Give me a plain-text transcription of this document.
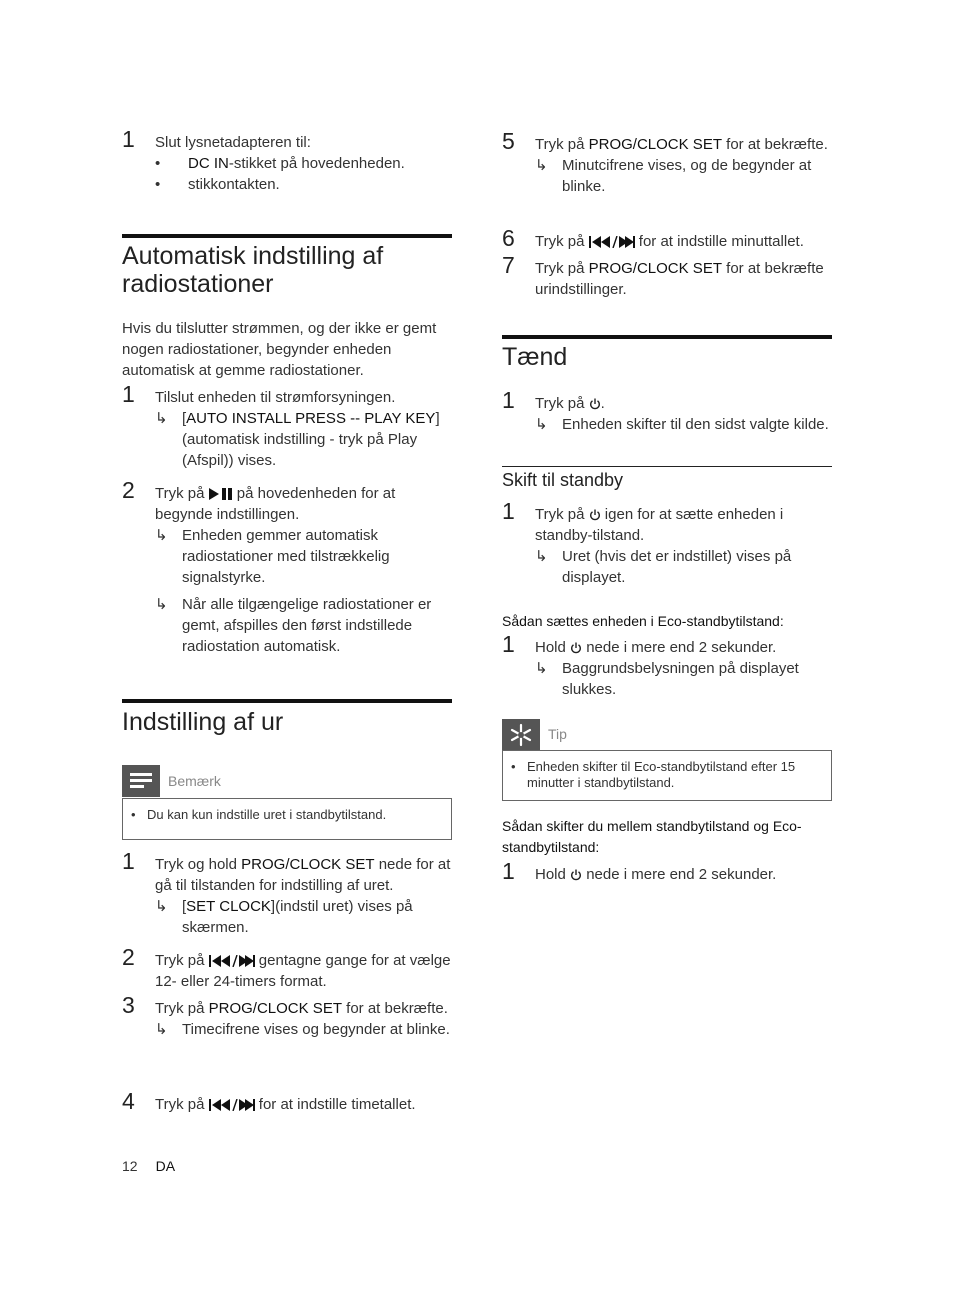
1 Slut lysnetadapteren til:
• DC IN-stikket på hovedenheden.
• stikkontakten.
Automatisk indstilling af
radiostationer
Hvis du tilslutter strømmen, og der ikke er gemt nogen radiostationer, begynder enheden automatisk at gemme radiostationer.
1 Tilslut enheden til strømforsyningen.
↳ [AUTO INSTALL PRESS -- PLAY KEY] (automatisk indstilling - tryk på Play (Afspil)) vises.
2 Tryk på på hovedenheden for at begynde indstillingen.
↳ Enheden gemmer automatisk radiostationer med tilstrækkelig signalstyrke.
↳ Når alle tilgængelige radiostationer er gemt, afspilles den først indstillede radiostation automatisk.
Indstilling af ur
Bemærk
• Du kan kun indstille uret i standbytilstand.
1 Tryk og hold PROG/CLOCK SET nede for at gå til tilstanden for indstilling af uret.
↳ [SET CLOCK](indstil uret) vises på skærmen.
2 Tryk på	gentagne gange for at vælge 12- eller 24-timers format.
3 Tryk på PROG/CLOCK SET for at bekræfte.
↳ Timecifrene vises og begynder at blinke.
4 Tryk på	for at indstille timetallet.
5 Tryk på PROG/CLOCK SET for at bekræfte.
↳ Minutcifrene vises, og de begynder at blinke.
6 Tryk på	for at indstille minuttallet.
7 Tryk på PROG/CLOCK SET for at bekræfte urindstillinger.
Tænd
1 Tryk på .
↳ Enheden skifter til den sidst valgte kilde.
Skift til standby
1 Tryk på igen for at sætte enheden i standby-tilstand.
↳ Uret (hvis det er indstillet) vises på displayet.
Sådan sættes enheden i Eco-standbytilstand:
1 Hold nede i mere end 2 sekunder.
↳ Baggrundsbelysningen på displayet slukkes.
Tip
• Enheden skifter til Eco-standbytilstand efter 15 minutter i standbytilstand.
Sådan skifter du mellem standbytilstand og Eco-standbytilstand:
1 Hold nede i mere end 2 sekunder.
12 DA
